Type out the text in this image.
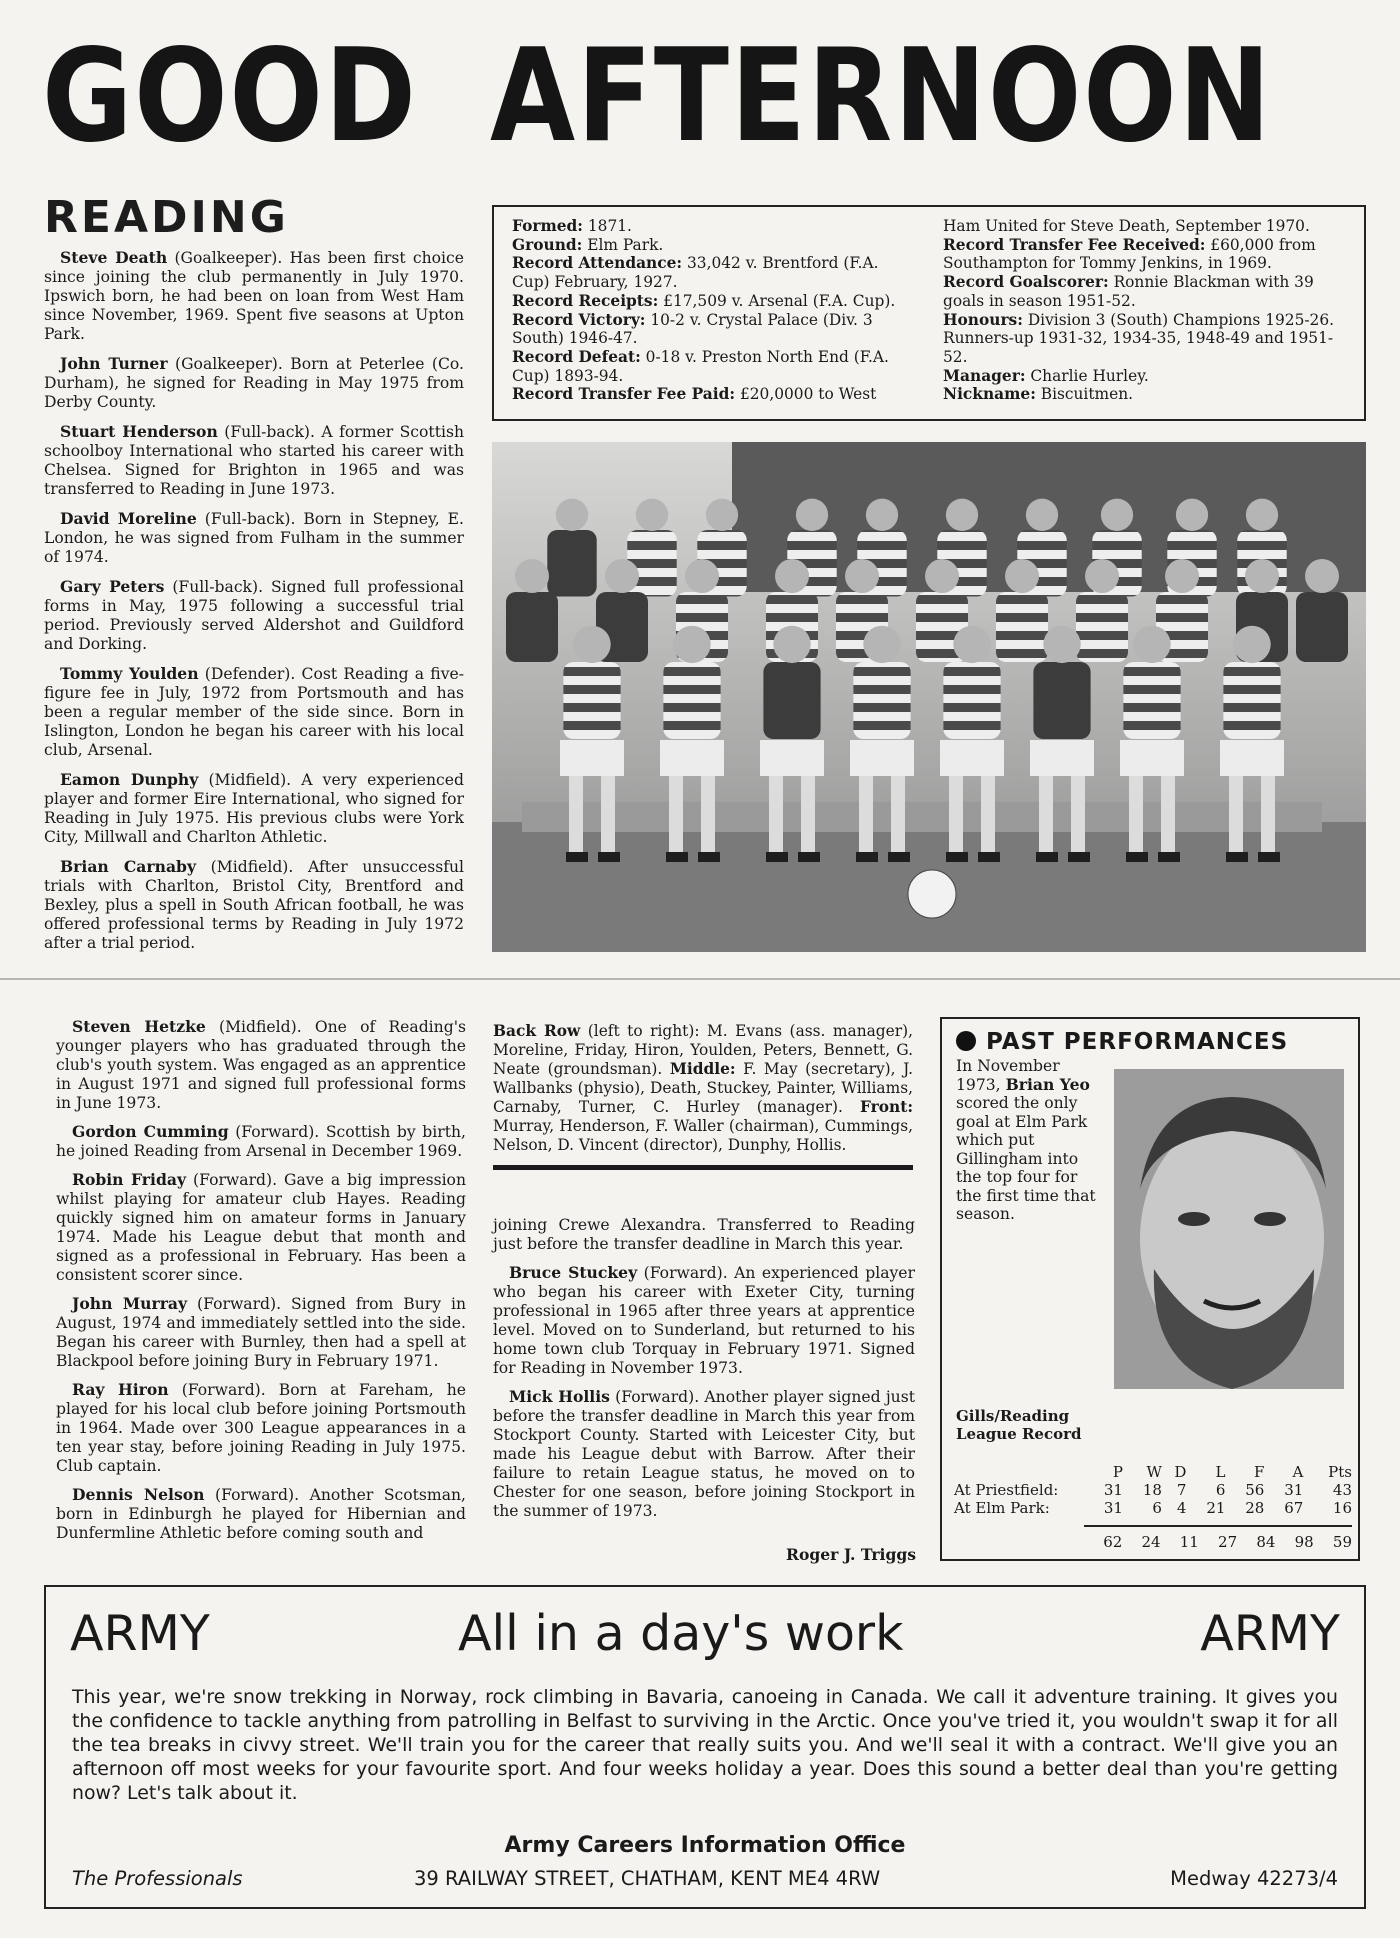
GOOD AFTERNOON
READING

Steve Death (Goalkeeper). Has been first choice since joining the club permanently in July 1970. Ipswich born, he had been on loan from West Ham since November, 1969. Spent five seasons at Upton Park.

John Turner (Goalkeeper). Born at Peterlee (Co. Durham), he signed for Reading in May 1975 from Derby County.

Stuart Henderson (Full-back). A former Scottish schoolboy International who started his career with Chelsea. Signed for Brighton in 1965 and was transferred to Reading in June 1973.

David Moreline (Full-back). Born in Stepney, E. London, he was signed from Fulham in the summer of 1974.

Gary Peters (Full-back). Signed full professional forms in May, 1975 following a successful trial period. Previously served Aldershot and Guildford and Dorking.

Tommy Youlden (Defender). Cost Reading a five-figure fee in July, 1972 from Portsmouth and has been a regular member of the side since. Born in Islington, London he began his career with his local club, Arsenal.

Eamon Dunphy (Midfield). A very experienced player and former Eire International, who signed for Reading in July 1975. His previous clubs were York City, Millwall and Charlton Athletic.

Brian Carnaby (Midfield). After unsuccessful trials with Charlton, Bristol City, Brentford and Bexley, plus a spell in South African football, he was offered professional terms by Reading in July 1972 after a trial period.

Formed: 1871.
Ground: Elm Park.
Record Attendance: 33,042 v. Brentford (F.A. Cup) February, 1927.
Record Receipts: £17,509 v. Arsenal (F.A. Cup).
Record Victory: 10-2 v. Crystal Palace (Div. 3 South) 1946-47.
Record Defeat: 0-18 v. Preston North End (F.A. Cup) 1893-94.
Record Transfer Fee Paid: £20,0000 to West
Ham United for Steve Death, September 1970.
Record Transfer Fee Received: £60,000 from Southampton for Tommy Jenkins, in 1969.
Record Goalscorer: Ronnie Blackman with 39 goals in season 1951-52.
Honours: Division 3 (South) Champions 1925-26. Runners-up 1931-32, 1934-35, 1948-49 and 1951-52.
Manager: Charlie Hurley.
Nickname: Biscuitmen.

Steven Hetzke (Midfield). One of Reading's younger players who has graduated through the club's youth system. Was engaged as an apprentice in August 1971 and signed full professional forms in June 1973.

Gordon Cumming (Forward). Scottish by birth, he joined Reading from Arsenal in December 1969.

Robin Friday (Forward). Gave a big impression whilst playing for amateur club Hayes. Reading quickly signed him on amateur forms in January 1974. Made his League debut that month and signed as a professional in February. Has been a consistent scorer since.

John Murray (Forward). Signed from Bury in August, 1974 and immediately settled into the side. Began his career with Burnley, then had a spell at Blackpool before joining Bury in February 1971.

Ray Hiron (Forward). Born at Fareham, he played for his local club before joining Portsmouth in 1964. Made over 300 League appearances in a ten year stay, before joining Reading in July 1975. Club captain.

Dennis Nelson (Forward). Another Scotsman, born in Edinburgh he played for Hibernian and Dunfermline Athletic before coming south and

Back Row (left to right): M. Evans (ass. manager), Moreline, Friday, Hiron, Youlden, Peters, Bennett, G. Neate (groundsman). Middle: F. May (secretary), J. Wallbanks (physio), Death, Stuckey, Painter, Williams, Carnaby, Turner, C. Hurley (manager). Front: Murray, Henderson, F. Waller (chairman), Cummings, Nelson, D. Vincent (director), Dunphy, Hollis.

joining Crewe Alexandra. Transferred to Reading just before the transfer deadline in March this year.

Bruce Stuckey (Forward). An experienced player who began his career with Exeter City, turning professional in 1965 after three years at apprentice level. Moved on to Sunderland, but returned to his home town club Torquay in February 1971. Signed for Reading in November 1973.

Mick Hollis (Forward). Another player signed just before the transfer deadline in March this year from Stockport County. Started with Leicester City, but made his League debut with Barrow. After their failure to retain League status, he moved on to Chester for one season, before joining Stockport in the summer of 1973.

Roger J. Triggs
PAST PERFORMANCES
In November 1973, Brian Yeo scored the only goal at Elm Park which put Gillingham into the top four for the first time that season.
Gills/Reading
League Record
	P	W	D	L	F	A	Pts
At Priestfield:	31	18	7	6	56	31	43
At Elm Park:	31	6	4	21	28	67	16
	62	24	11	27	84	98	59
ARMY	All in a day's work	ARMY
This year, we're snow trekking in Norway, rock climbing in Bavaria, canoeing in Canada. We call it adventure training. It gives you the confidence to tackle anything from patrolling in Belfast to surviving in the Arctic. Once you've tried it, you wouldn't swap it for all the tea breaks in civvy street. We'll train you for the career that really suits you. And we'll seal it with a contract. We'll give you an afternoon off most weeks for your favourite sport. And four weeks holiday a year. Does this sound a better deal than you're getting now? Let's talk about it.
Army Careers Information Office
The Professionals	39 RAILWAY STREET, CHATHAM, KENT ME4 4RW	Medway 42273/4
